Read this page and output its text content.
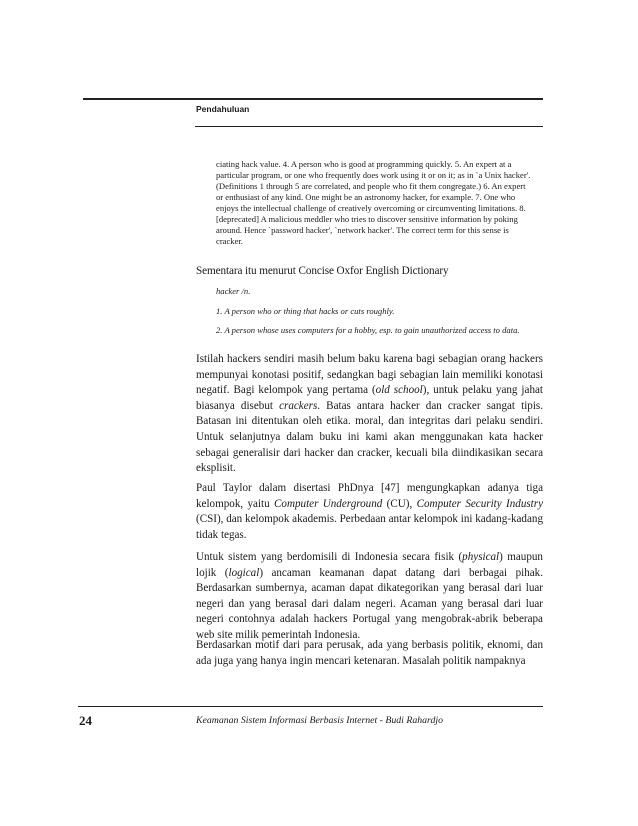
Pendahuluan
ciating hack value. 4. A person who is good at programming quickly. 5. An expert at a particular program, or one who frequently does work using it or on it; as in `a Unix hacker'. (Definitions 1 through 5 are correlated, and people who fit them congregate.) 6. An expert or enthusiast of any kind. One might be an astronomy hacker, for example. 7. One who enjoys the intellectual challenge of creatively overcoming or circumventing limitations. 8. [deprecated] A malicious meddler who tries to discover sensitive information by poking around. Hence `password hacker', `network hacker'. The correct term for this sense is cracker.
Sementara itu menurut Concise Oxfor English Dictionary
hacker /n.
1. A person who or thing that hacks or cuts roughly.
2. A person whose uses computers for a hobby, esp. to gain unauthorized access to data.
Istilah hackers sendiri masih belum baku karena bagi sebagian orang hackers mempunyai konotasi positif, sedangkan bagi sebagian lain memiliki konotasi negatif. Bagi kelompok yang pertama (old school), untuk pelaku yang jahat biasanya disebut crackers. Batas antara hacker dan cracker sangat tipis. Batasan ini ditentukan oleh etika. moral, dan integritas dari pelaku sendiri. Untuk selanjutnya dalam buku ini kami akan menggunakan kata hacker sebagai generalisir dari hacker dan cracker, kecuali bila diindikasikan secara eksplisit.
Paul Taylor dalam disertasi PhDnya [47] mengungkapkan adanya tiga kelompok, yaitu Computer Underground (CU), Computer Security Industry (CSI), dan kelompok akademis. Perbedaan antar kelompok ini kadang-kadang tidak tegas.
Untuk sistem yang berdomisili di Indonesia secara fisik (physical) maupun lojik (logical) ancaman keamanan dapat datang dari berbagai pihak. Berdasarkan sumbernya, acaman dapat dikategorikan yang berasal dari luar negeri dan yang berasal dari dalam negeri. Acaman yang berasal dari luar negeri contohnya adalah hackers Portugal yang mengobrak-abrik beberapa web site milik pemerintah Indonesia.
Berdasarkan motif dari para perusak, ada yang berbasis politik, eknomi, dan ada juga yang hanya ingin mencari ketenaran. Masalah politik nampaknya
24	Keamanan Sistem Informasi Berbasis Internet - Budi Rahardjo
